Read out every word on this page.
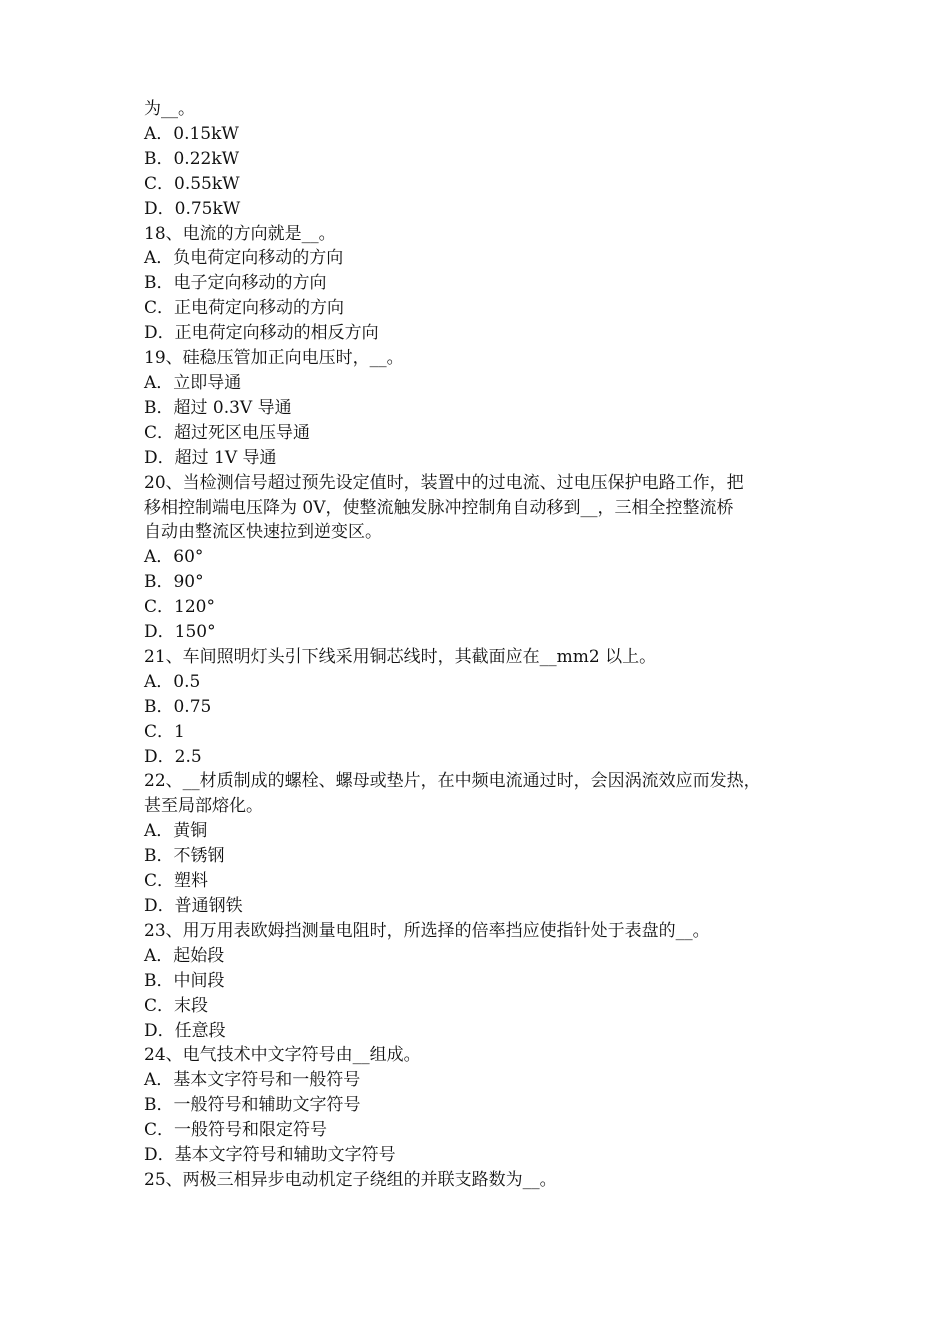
为__。
A．0.15kW
B．0.22kW
C．0.55kW
D．0.75kW
18、电流的方向就是__。
A．负电荷定向移动的方向
B．电子定向移动的方向
C．正电荷定向移动的方向
D．正电荷定向移动的相反方向
19、硅稳压管加正向电压时，__。
A．立即导通
B．超过 0.3V 导通
C．超过死区电压导通
D．超过 1V 导通
20、当检测信号超过预先设定值时，装置中的过电流、过电压保护电路工作，把
移相控制端电压降为 0V，使整流触发脉冲控制角自动移到__，三相全控整流桥
自动由整流区快速拉到逆变区。
A．60°
B．90°
C．120°
D．150°
21、车间照明灯头引下线采用铜芯线时，其截面应在__mm2 以上。
A．0.5
B．0.75
C．1
D．2.5
22、__材质制成的螺栓、螺母或垫片，在中频电流通过时，会因涡流效应而发热，
甚至局部熔化。
A．黄铜
B．不锈钢
C．塑料
D．普通钢铁
23、用万用表欧姆挡测量电阻时，所选择的倍率挡应使指针处于表盘的__。
A．起始段
B．中间段
C．末段
D．任意段
24、电气技术中文字符号由__组成。
A．基本文字符号和一般符号
B．一般符号和辅助文字符号
C．一般符号和限定符号
D．基本文字符号和辅助文字符号
25、两极三相异步电动机定子绕组的并联支路数为__。
